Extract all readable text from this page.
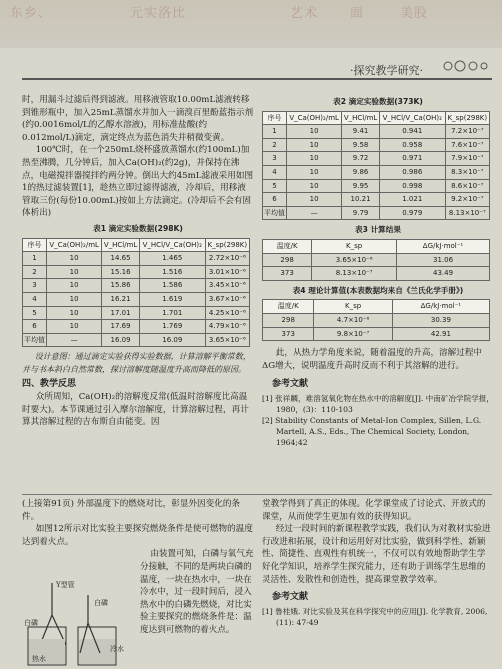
东乡、	元实洛比	艺术 面	美股
·探究教学研究·

时，用漏斗过滤后得到滤液。用移液管取10.00mL滤液转移到锥形瓶中，加入25mL蒸馏水并加入一滴溴百里酚蓝指示剂(约0.0016mol/L的乙醇水溶液)，用标准盐酸(约0.012mol/L)滴定，滴定终点为蓝色消失并稍微变黄。

100℃时，在一个250mL烧杯盛放蒸馏水(约100mL)加热至沸腾，几分钟后，加入Ca(OH)₂(约2g)，并保持在沸点，电磁搅拌器搅拌约两分钟。倒出大约45mL滤液采用如图1的热过滤装置[1]，趁热立即过滤得滤液，冷却后，用移液管取三份(每份10.00mL)按如上方法滴定。(冷却后不会有固体析出)

表1 滴定实验数据(298K)
序号	V_Ca(OH)₂/mL	V_HCl/mL	V_HCl/V_Ca(OH)₂	K_sp(298K)
1	10	14.65	1.465	2.72×10⁻⁶
2	10	15.16	1.516	3.01×10⁻⁶
3	10	15.86	1.586	3.45×10⁻⁶
4	10	16.21	1.619	3.67×10⁻⁶
5	10	17.01	1.701	4.25×10⁻⁶
6	10	17.69	1.769	4.79×10⁻⁶
平均值	—	16.09	16.09	3.65×10⁻⁶

设计意图：通过滴定实验获得实验数据，计算溶解平衡常数，并与书本斜白自然常数，探讨溶解度随温度升高而降低的原因。

四、教学反思

众所周知，Ca(OH)₂的溶解度反常(低温时溶解度比高温时要大)。本节课通过引入摩尔溶解度，计算溶解过程，再计算其溶解过程的吉布斯自由能变。因

表2 滴定实验数据(373K)
序号	V_Ca(OH)₂/mL	V_HCl/mL	V_HCl/V_Ca(OH)₂	K_sp(298K)
1	10	9.41	0.941	7.2×10⁻⁷
2	10	9.58	0.958	7.6×10⁻⁷
3	10	9.72	0.971	7.9×10⁻⁷
4	10	9.86	0.986	8.3×10⁻⁷
5	10	9.95	0.998	8.6×10⁻⁷
6	10	10.21	1.021	9.2×10⁻⁷
平均值	—	9.79	0.979	8.13×10⁻⁷
表3 计算结果
温度/K	K_sp	ΔG/kJ·mol⁻¹
298	3.65×10⁻⁶	31.06
373	8.13×10⁻⁷	43.49
表4 理论计算值(本表数据均来自《兰氏化学手册》)
温度/K	K_sp	ΔG/kJ·mol⁻¹
298	4.7×10⁻⁶	30.39
373	9.8×10⁻⁷	42.91

此，从热力学角度来说，随着温度的升高，溶解过程中ΔG增大，说明温度升高时反而不利于其溶解的进行。

参考文献
[1] 张祥麟，难溶氢氧化物在热水中的溶解度[J]. 中南矿冶学院学报，1980，(3)：110-103
[2] Stability Constants of Metal-Ion Complex, Sillen, L.G. Martell, A.S., Eds., The Chemical Society, London, 1964;42

(上接第91页) 外部温度下的燃烧对比，彰显外因变化的条件。

如图12所示对比实验主要探究燃烧条件是使可燃物的温度达到着火点。

由装置可知，白磷与氧气充分接触，不同的是两块白磷的温度，一块在热水中，一块在冷水中，过一段时间后，浸入热水中的白磷先燃烧，对比实验主要探究的燃烧条件是：温度达到可燃物的着火点。

Y型管
白磷
白磷
热水
冷水

堂教学得到了真正的体现。化学课堂成了讨论式、开放式的课堂，从而使学生更加有效的获得知识。

经过一段时间的新课程教学实践，我们认为对教材实验进行改进和拓展，设计和运用好对比实验，做到科学性、新颖性、简捷性、直观性有机统一，不仅可以有效地帮助学生学好化学知识，培养学生探究能力，还有助于训练学生思维的灵活性、发散性和创造性，提高课堂教学效率。

参考文献
[1] 鲁桂娥. 对比实验及其在科学探究中的应用[J]. 化学教育, 2006, (11): 47-49
